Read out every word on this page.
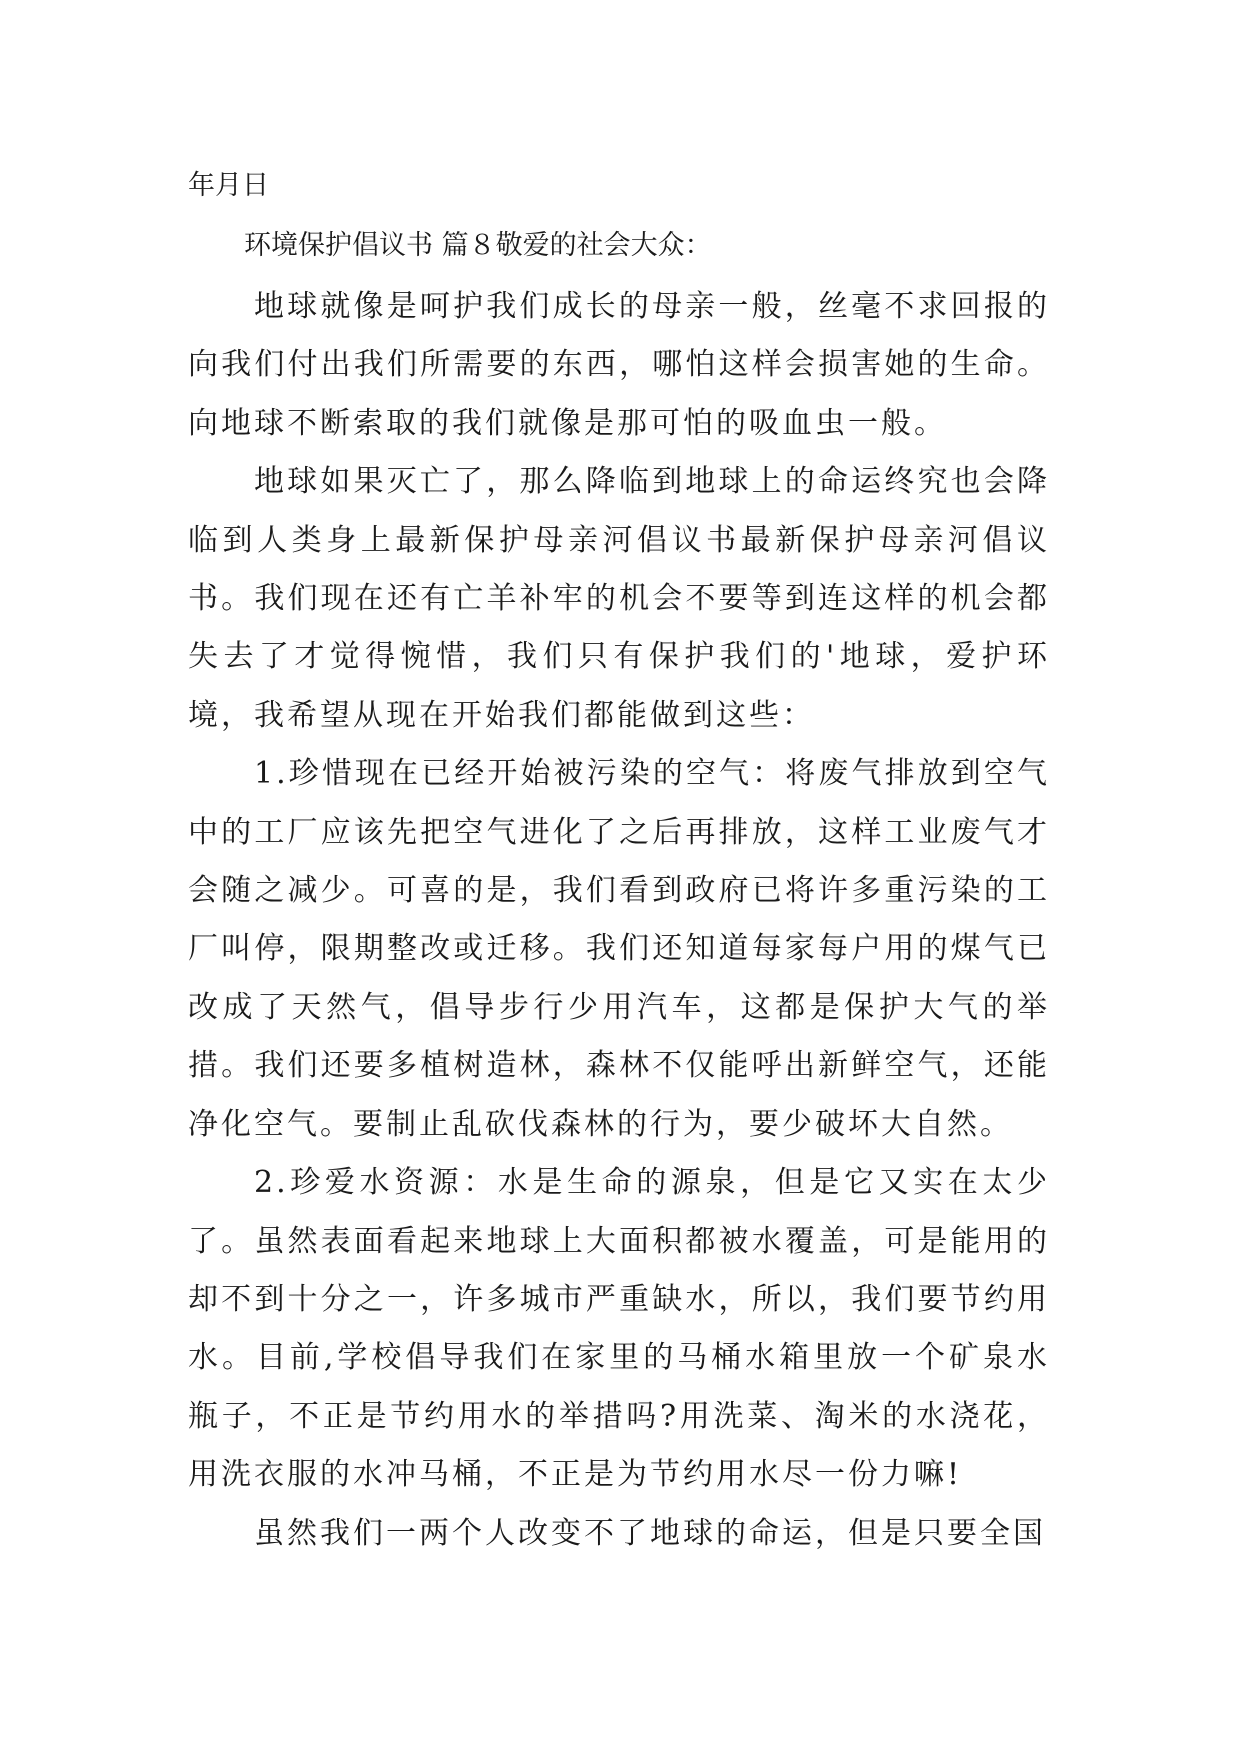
年月日
环境保护倡议书 篇８敬爱的社会大众：

地球就像是呵护我们成长的母亲一般，丝毫不求回报的向我们付出我们所需要的东西，哪怕这样会损害她的生命。向地球不断索取的我们就像是那可怕的吸血虫一般。

地球如果灭亡了，那么降临到地球上的命运终究也会降临到人类身上最新保护母亲河倡议书最新保护母亲河倡议书。我们现在还有亡羊补牢的机会不要等到连这样的机会都失去了才觉得惋惜，我们只有保护我们的'地球，爱护环境，我希望从现在开始我们都能做到这些：

1.珍惜现在已经开始被污染的空气：将废气排放到空气中的工厂应该先把空气进化了之后再排放，这样工业废气才会随之减少。可喜的是，我们看到政府已将许多重污染的工厂叫停，限期整改或迁移。我们还知道每家每户用的煤气已改成了天然气，倡导步行少用汽车，这都是保护大气的举措。我们还要多植树造林，森林不仅能呼出新鲜空气，还能净化空气。要制止乱砍伐森林的行为，要少破坏大自然。

2.珍爱水资源：水是生命的源泉，但是它又实在太少了。虽然表面看起来地球上大面积都被水覆盖，可是能用的却不到十分之一，许多城市严重缺水，所以，我们要节约用水。目前,学校倡导我们在家里的马桶水箱里放一个矿泉水瓶子，不正是节约用水的举措吗?用洗菜、淘米的水浇花，用洗衣服的水冲马桶，不正是为节约用水尽一份力嘛!

虽然我们一两个人改变不了地球的命运，但是只要全国
